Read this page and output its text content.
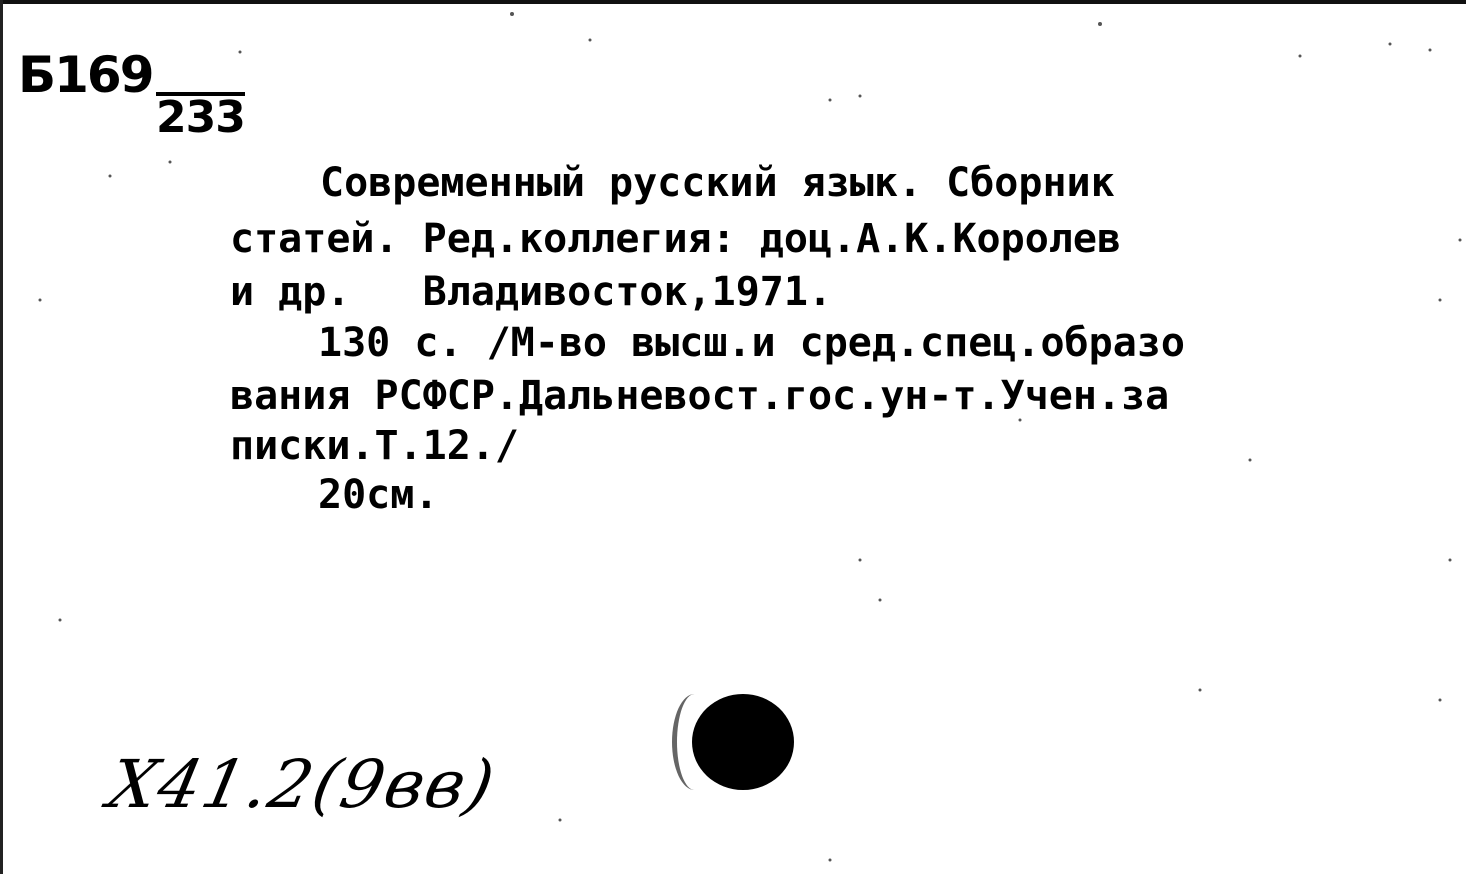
Б169
233

Современный русский язык. Сборник

статей. Ред.коллегия: доц.А.К.Королев

и др.   Владивосток,1971.

130 с. /М-во высш.и сред.спец.образо

вания РСФСР.Дальневост.гос.ун-т.Учен.за

писки.Т.12./

20см.

Х41.2(9вв)
